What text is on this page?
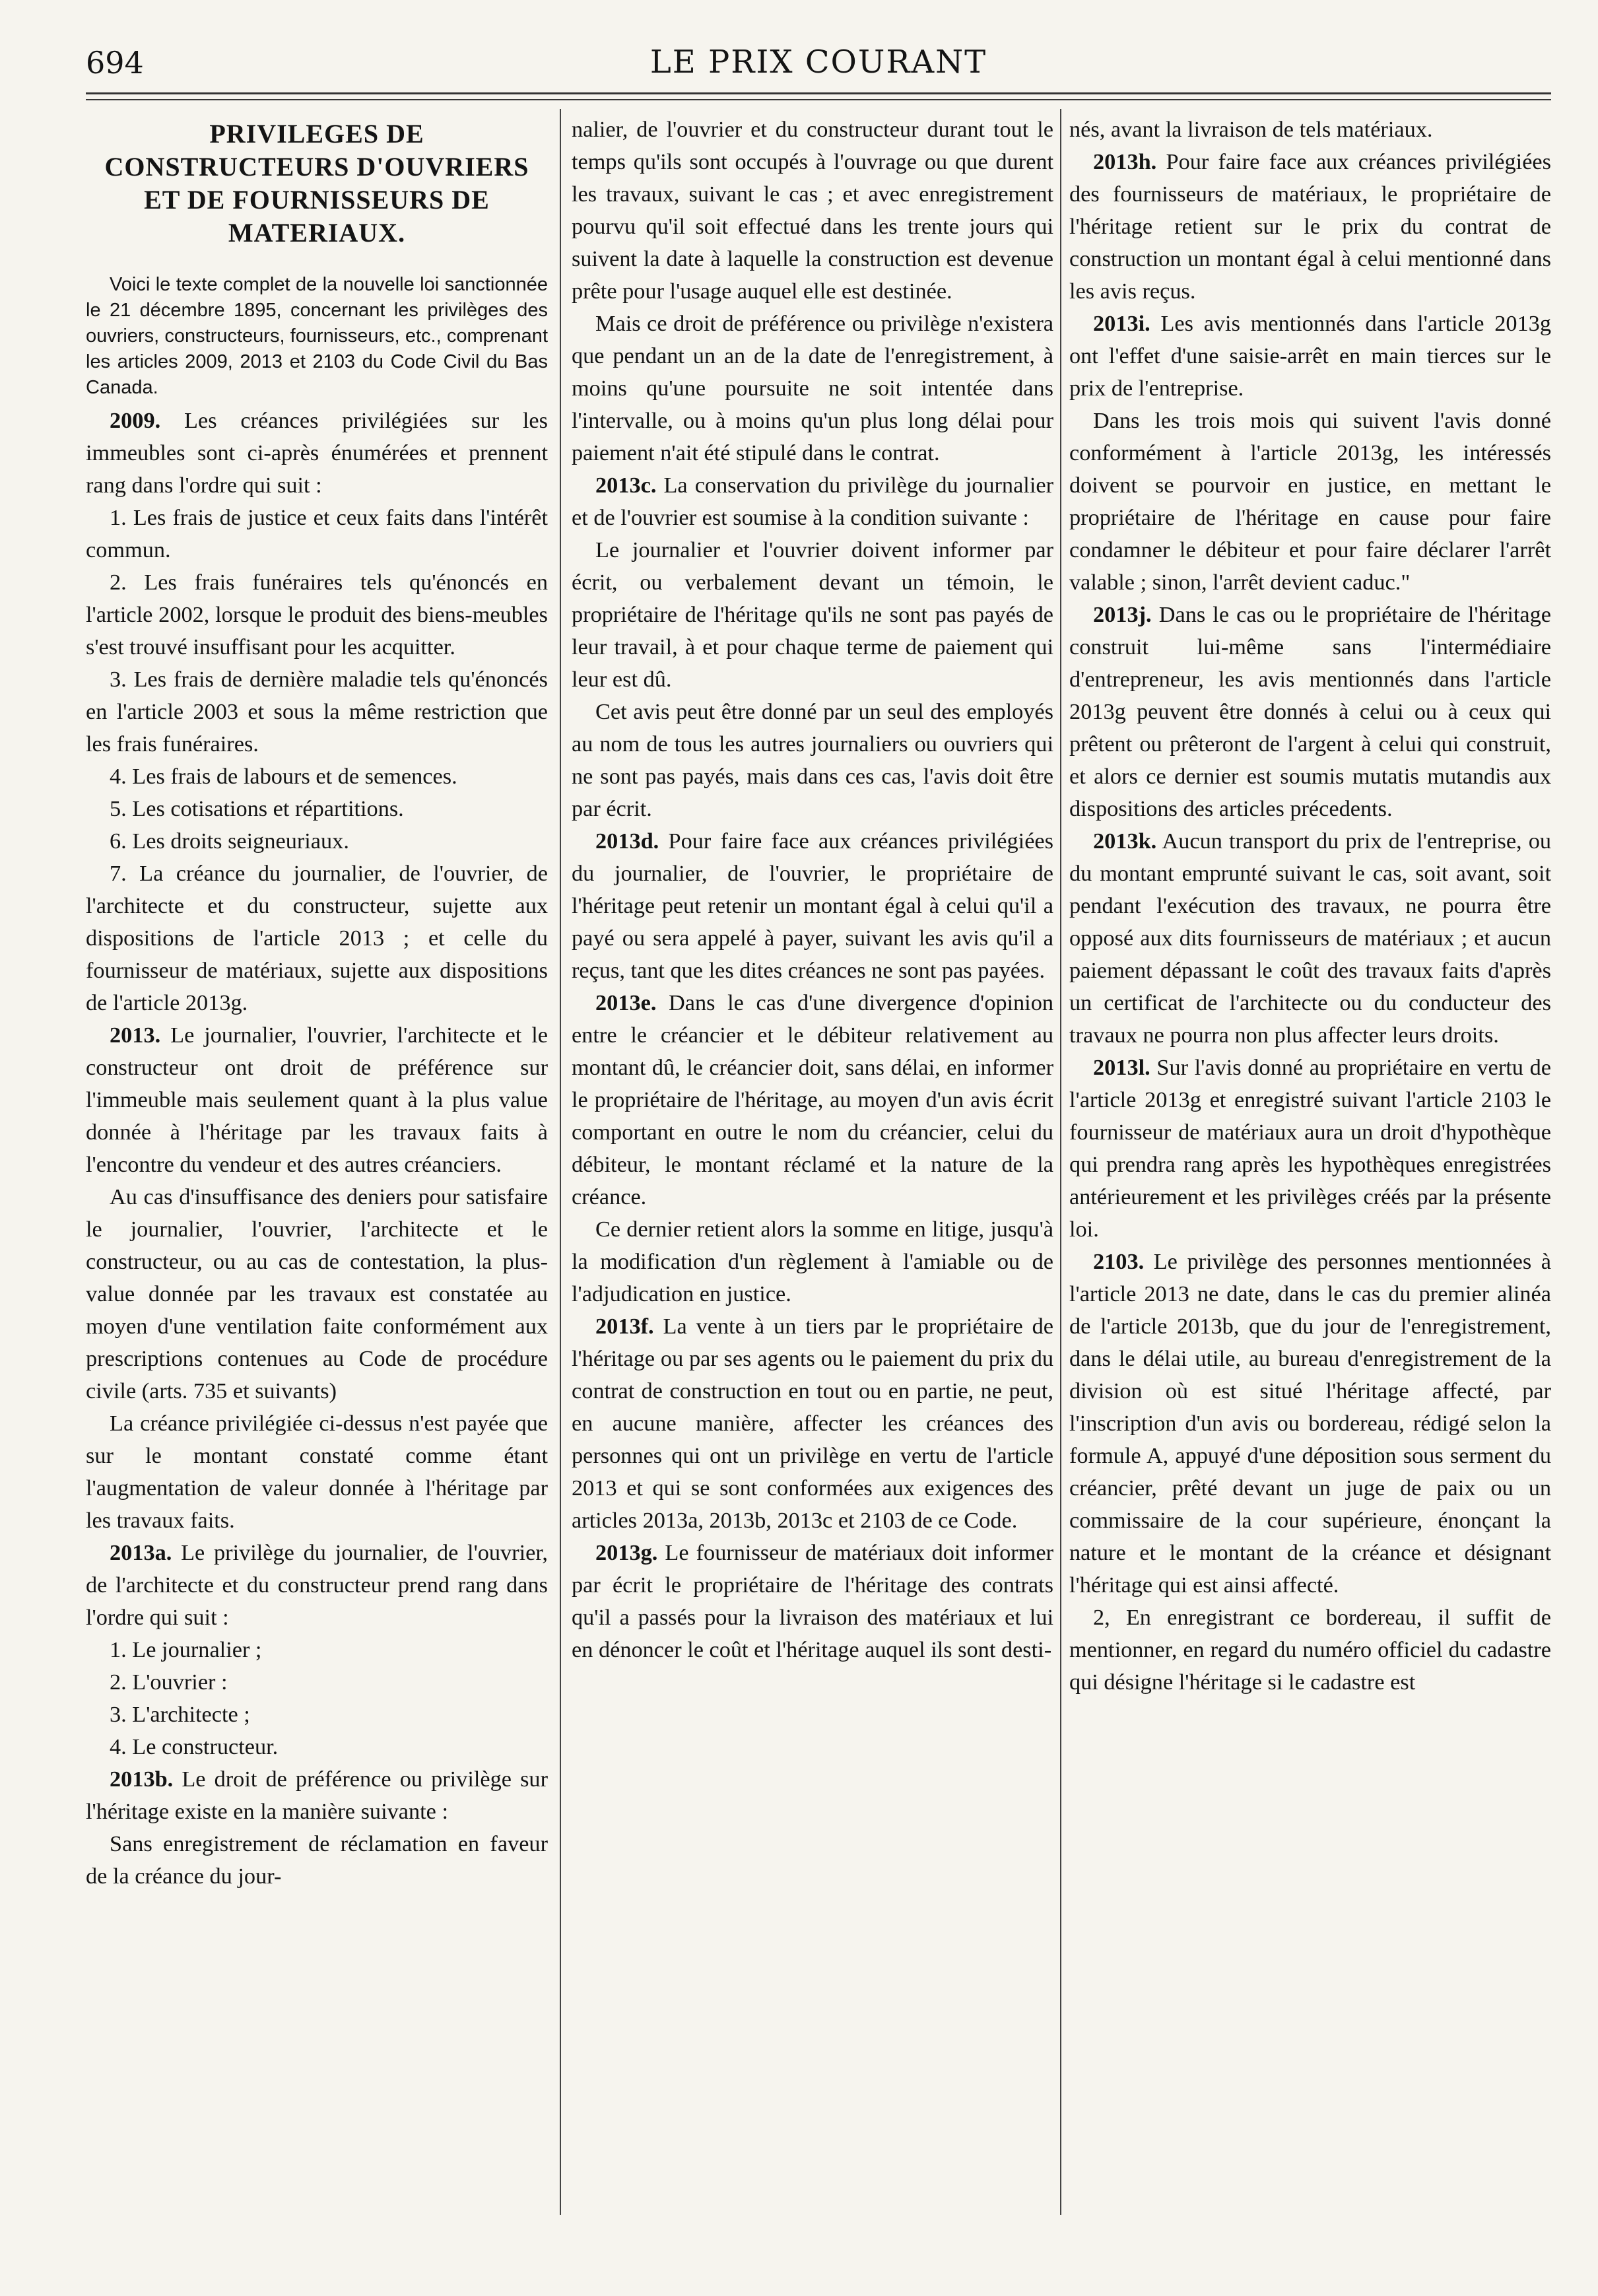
694	LE PRIX COURANT
PRIVILEGES DE CONSTRUCTEURS D'OUVRIERS ET DE FOURNISSEURS DE MATERIAUX.
Voici le texte complet de la nouvelle loi sanctionnée le 21 décembre 1895, concernant les privilèges des ouvriers, constructeurs, fournisseurs, etc., comprenant les articles 2009, 2013 et 2103 du Code Civil du Bas Canada.

2009. Les créances privilégiées sur les immeubles sont ci-après énumérées et prennent rang dans l'ordre qui suit :

1. Les frais de justice et ceux faits dans l'intérêt commun.

2. Les frais funéraires tels qu'énoncés en l'article 2002, lorsque le produit des biens-meubles s'est trouvé insuffisant pour les acquitter.

3. Les frais de dernière maladie tels qu'énoncés en l'article 2003 et sous la même restriction que les frais funéraires.

4. Les frais de labours et de semences.

5. Les cotisations et répartitions.

6. Les droits seigneuriaux.

7. La créance du journalier, de l'ouvrier, de l'architecte et du constructeur, sujette aux dispositions de l'article 2013 ; et celle du fournisseur de matériaux, sujette aux dispositions de l'article 2013g.

2013. Le journalier, l'ouvrier, l'architecte et le constructeur ont droit de préférence sur l'immeuble mais seulement quant à la plus value donnée à l'héritage par les travaux faits à l'encontre du vendeur et des autres créanciers.

Au cas d'insuffisance des deniers pour satisfaire le journalier, l'ouvrier, l'architecte et le constructeur, ou au cas de contestation, la plus-value donnée par les travaux est constatée au moyen d'une ventilation faite conformément aux prescriptions contenues au Code de procédure civile (arts. 735 et suivants)

La créance privilégiée ci-dessus n'est payée que sur le montant constaté comme étant l'augmentation de valeur donnée à l'héritage par les travaux faits.

2013a. Le privilège du journalier, de l'ouvrier, de l'architecte et du constructeur prend rang dans l'ordre qui suit :

1. Le journalier ;

2. L'ouvrier :

3. L'architecte ;

4. Le constructeur.

2013b. Le droit de préférence ou privilège sur l'héritage existe en la manière suivante :

Sans enregistrement de réclamation en faveur de la créance du jour-

nalier, de l'ouvrier et du constructeur durant tout le temps qu'ils sont occupés à l'ouvrage ou que durent les travaux, suivant le cas ; et avec enregistrement pourvu qu'il soit effectué dans les trente jours qui suivent la date à laquelle la construction est devenue prête pour l'usage auquel elle est destinée.

Mais ce droit de préférence ou privilège n'existera que pendant un an de la date de l'enregistrement, à moins qu'une poursuite ne soit intentée dans l'intervalle, ou à moins qu'un plus long délai pour paiement n'ait été stipulé dans le contrat.

2013c. La conservation du privilège du journalier et de l'ouvrier est soumise à la condition suivante :

Le journalier et l'ouvrier doivent informer par écrit, ou verbalement devant un témoin, le propriétaire de l'héritage qu'ils ne sont pas payés de leur travail, à et pour chaque terme de paiement qui leur est dû.

Cet avis peut être donné par un seul des employés au nom de tous les autres journaliers ou ouvriers qui ne sont pas payés, mais dans ces cas, l'avis doit être par écrit.

2013d. Pour faire face aux créances privilégiées du journalier, de l'ouvrier, le propriétaire de l'héritage peut retenir un montant égal à celui qu'il a payé ou sera appelé à payer, suivant les avis qu'il a reçus, tant que les dites créances ne sont pas payées.

2013e. Dans le cas d'une divergence d'opinion entre le créancier et le débiteur relativement au montant dû, le créancier doit, sans délai, en informer le propriétaire de l'héritage, au moyen d'un avis écrit comportant en outre le nom du créancier, celui du débiteur, le montant réclamé et la nature de la créance.

Ce dernier retient alors la somme en litige, jusqu'à la modification d'un règlement à l'amiable ou de l'adjudication en justice.

2013f. La vente à un tiers par le propriétaire de l'héritage ou par ses agents ou le paiement du prix du contrat de construction en tout ou en partie, ne peut, en aucune manière, affecter les créances des personnes qui ont un privilège en vertu de l'article 2013 et qui se sont conformées aux exigences des articles 2013a, 2013b, 2013c et 2103 de ce Code.

2013g. Le fournisseur de matériaux doit informer par écrit le propriétaire de l'héritage des contrats qu'il a passés pour la livraison des matériaux et lui en dénoncer le coût et l'héritage auquel ils sont desti-

nés, avant la livraison de tels matériaux.

2013h. Pour faire face aux créances privilégiées des fournisseurs de matériaux, le propriétaire de l'héritage retient sur le prix du contrat de construction un montant égal à celui mentionné dans les avis reçus.

2013i. Les avis mentionnés dans l'article 2013g ont l'effet d'une saisie-arrêt en main tierces sur le prix de l'entreprise.

Dans les trois mois qui suivent l'avis donné conformément à l'article 2013g, les intéressés doivent se pourvoir en justice, en mettant le propriétaire de l'héritage en cause pour faire condamner le débiteur et pour faire déclarer l'arrêt valable ; sinon, l'arrêt devient caduc."

2013j. Dans le cas ou le propriétaire de l'héritage construit lui-même sans l'intermédiaire d'entrepreneur, les avis mentionnés dans l'article 2013g peuvent être donnés à celui ou à ceux qui prêtent ou prêteront de l'argent à celui qui construit, et alors ce dernier est soumis mutatis mutandis aux dispositions des articles précedents.

2013k. Aucun transport du prix de l'entreprise, ou du montant emprunté suivant le cas, soit avant, soit pendant l'exécution des travaux, ne pourra être opposé aux dits fournisseurs de matériaux ; et aucun paiement dépassant le coût des travaux faits d'après un certificat de l'architecte ou du conducteur des travaux ne pourra non plus affecter leurs droits.

2013l. Sur l'avis donné au propriétaire en vertu de l'article 2013g et enregistré suivant l'article 2103 le fournisseur de matériaux aura un droit d'hypothèque qui prendra rang après les hypothèques enregistrées antérieurement et les privilèges créés par la présente loi.

2103. Le privilège des personnes mentionnées à l'article 2013 ne date, dans le cas du premier alinéa de l'article 2013b, que du jour de l'enregistrement, dans le délai utile, au bureau d'enregistrement de la division où est situé l'héritage affecté, par l'inscription d'un avis ou bordereau, rédigé selon la formule A, appuyé d'une déposition sous serment du créancier, prêté devant un juge de paix ou un commissaire de la cour supérieure, énonçant la nature et le montant de la créance et désignant l'héritage qui est ainsi affecté.

2, En enregistrant ce bordereau, il suffit de mentionner, en regard du numéro officiel du cadastre qui désigne l'héritage si le cadastre est
